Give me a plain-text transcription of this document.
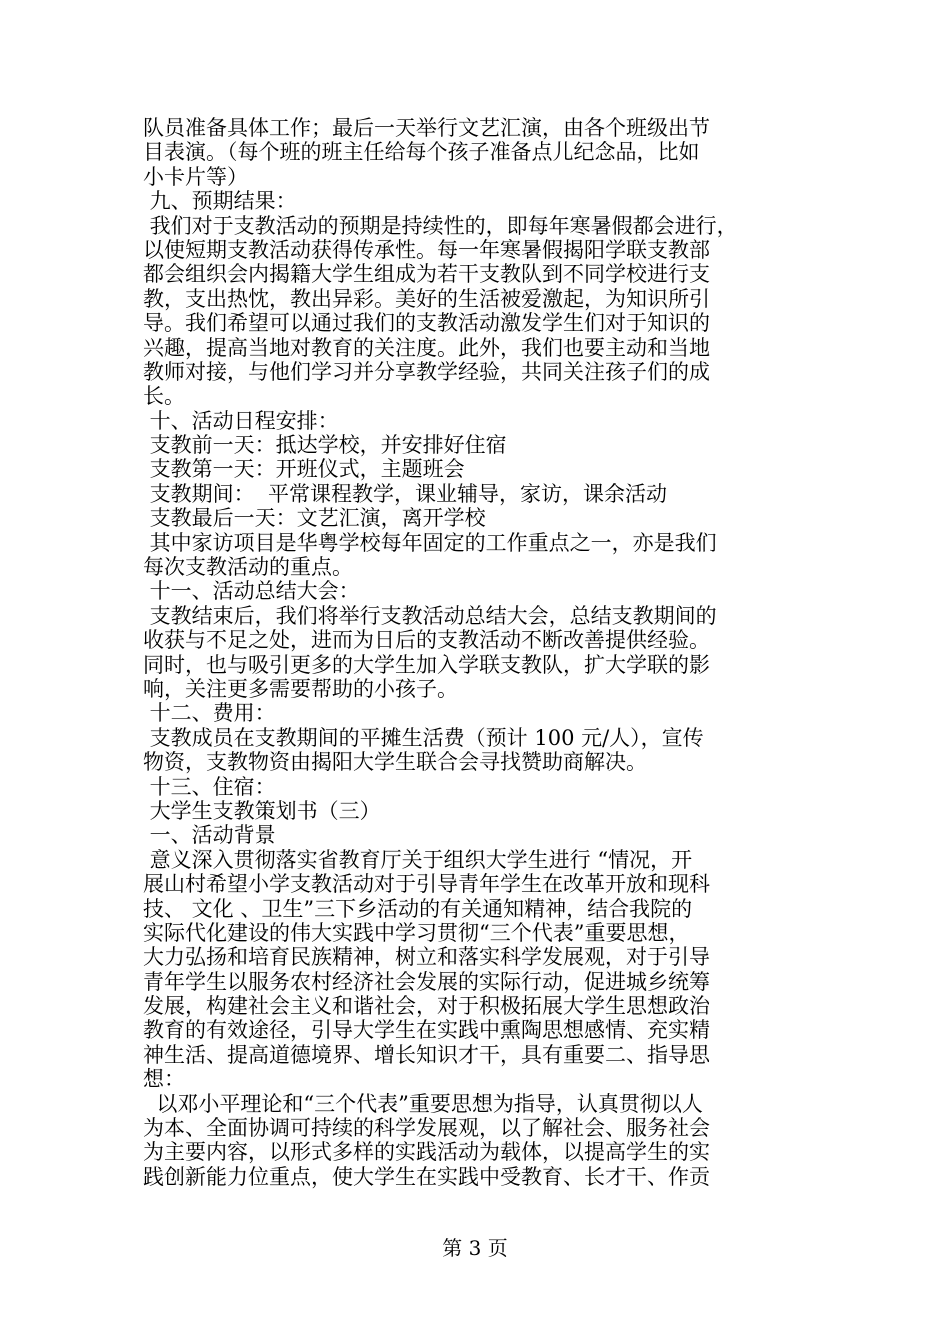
队员准备具体工作；最后一天举行文艺汇演，由各个班级出节
目表演。（每个班的班主任给每个孩子准备点儿纪念品，比如
小卡片等）
九、预期结果：
我们对于支教活动的预期是持续性的，即每年寒暑假都会进行，
以使短期支教活动获得传承性。每一年寒暑假揭阳学联支教部
都会组织会内揭籍大学生组成为若干支教队到不同学校进行支
教，支出热忱，教出异彩。美好的生活被爱激起，为知识所引
导。我们希望可以通过我们的支教活动激发学生们对于知识的
兴趣，提高当地对教育的关注度。此外，我们也要主动和当地
教师对接，与他们学习并分享教学经验，共同关注孩子们的成
长。
十、活动日程安排：
支教前一天：抵达学校，并安排好住宿
支教第一天：开班仪式，主题班会
支教期间：  平常课程教学，课业辅导，家访，课余活动
支教最后一天：文艺汇演，离开学校
其中家访项目是华粤学校每年固定的工作重点之一，亦是我们
每次支教活动的重点。
十一、活动总结大会：
支教结束后，我们将举行支教活动总结大会，总结支教期间的
收获与不足之处，进而为日后的支教活动不断改善提供经验。
同时，也与吸引更多的大学生加入学联支教队，扩大学联的影
响，关注更多需要帮助的小孩子。
十二、费用：
支教成员在支教期间的平摊生活费（预计 100 元/人），宣传
物资，支教物资由揭阳大学生联合会寻找赞助商解决。
十三、住宿：
大学生支教策划书（三）
一、活动背景
意义深入贯彻落实省教育厅关于组织大学生进行 “情况，开
展山村希望小学支教活动对于引导青年学生在改革开放和现科
技、 文化 、卫生”三下乡活动的有关通知精神，结合我院的
实际代化建设的伟大实践中学习贯彻“三个代表”重要思想，
大力弘扬和培育民族精神，树立和落实科学发展观，对于引导
青年学生以服务农村经济社会发展的实际行动，促进城乡统筹
发展，构建社会主义和谐社会，对于积极拓展大学生思想政治
教育的有效途径，引导大学生在实践中熏陶思想感情、充实精
神生活、提高道德境界、增长知识才干，具有重要二、指导思
想：
以邓小平理论和“三个代表”重要思想为指导，认真贯彻以人
为本、全面协调可持续的科学发展观，以了解社会、服务社会
为主要内容，以形式多样的实践活动为载体，以提高学生的实
践创新能力位重点，使大学生在实践中受教育、长才干、作贡
第 3 页
